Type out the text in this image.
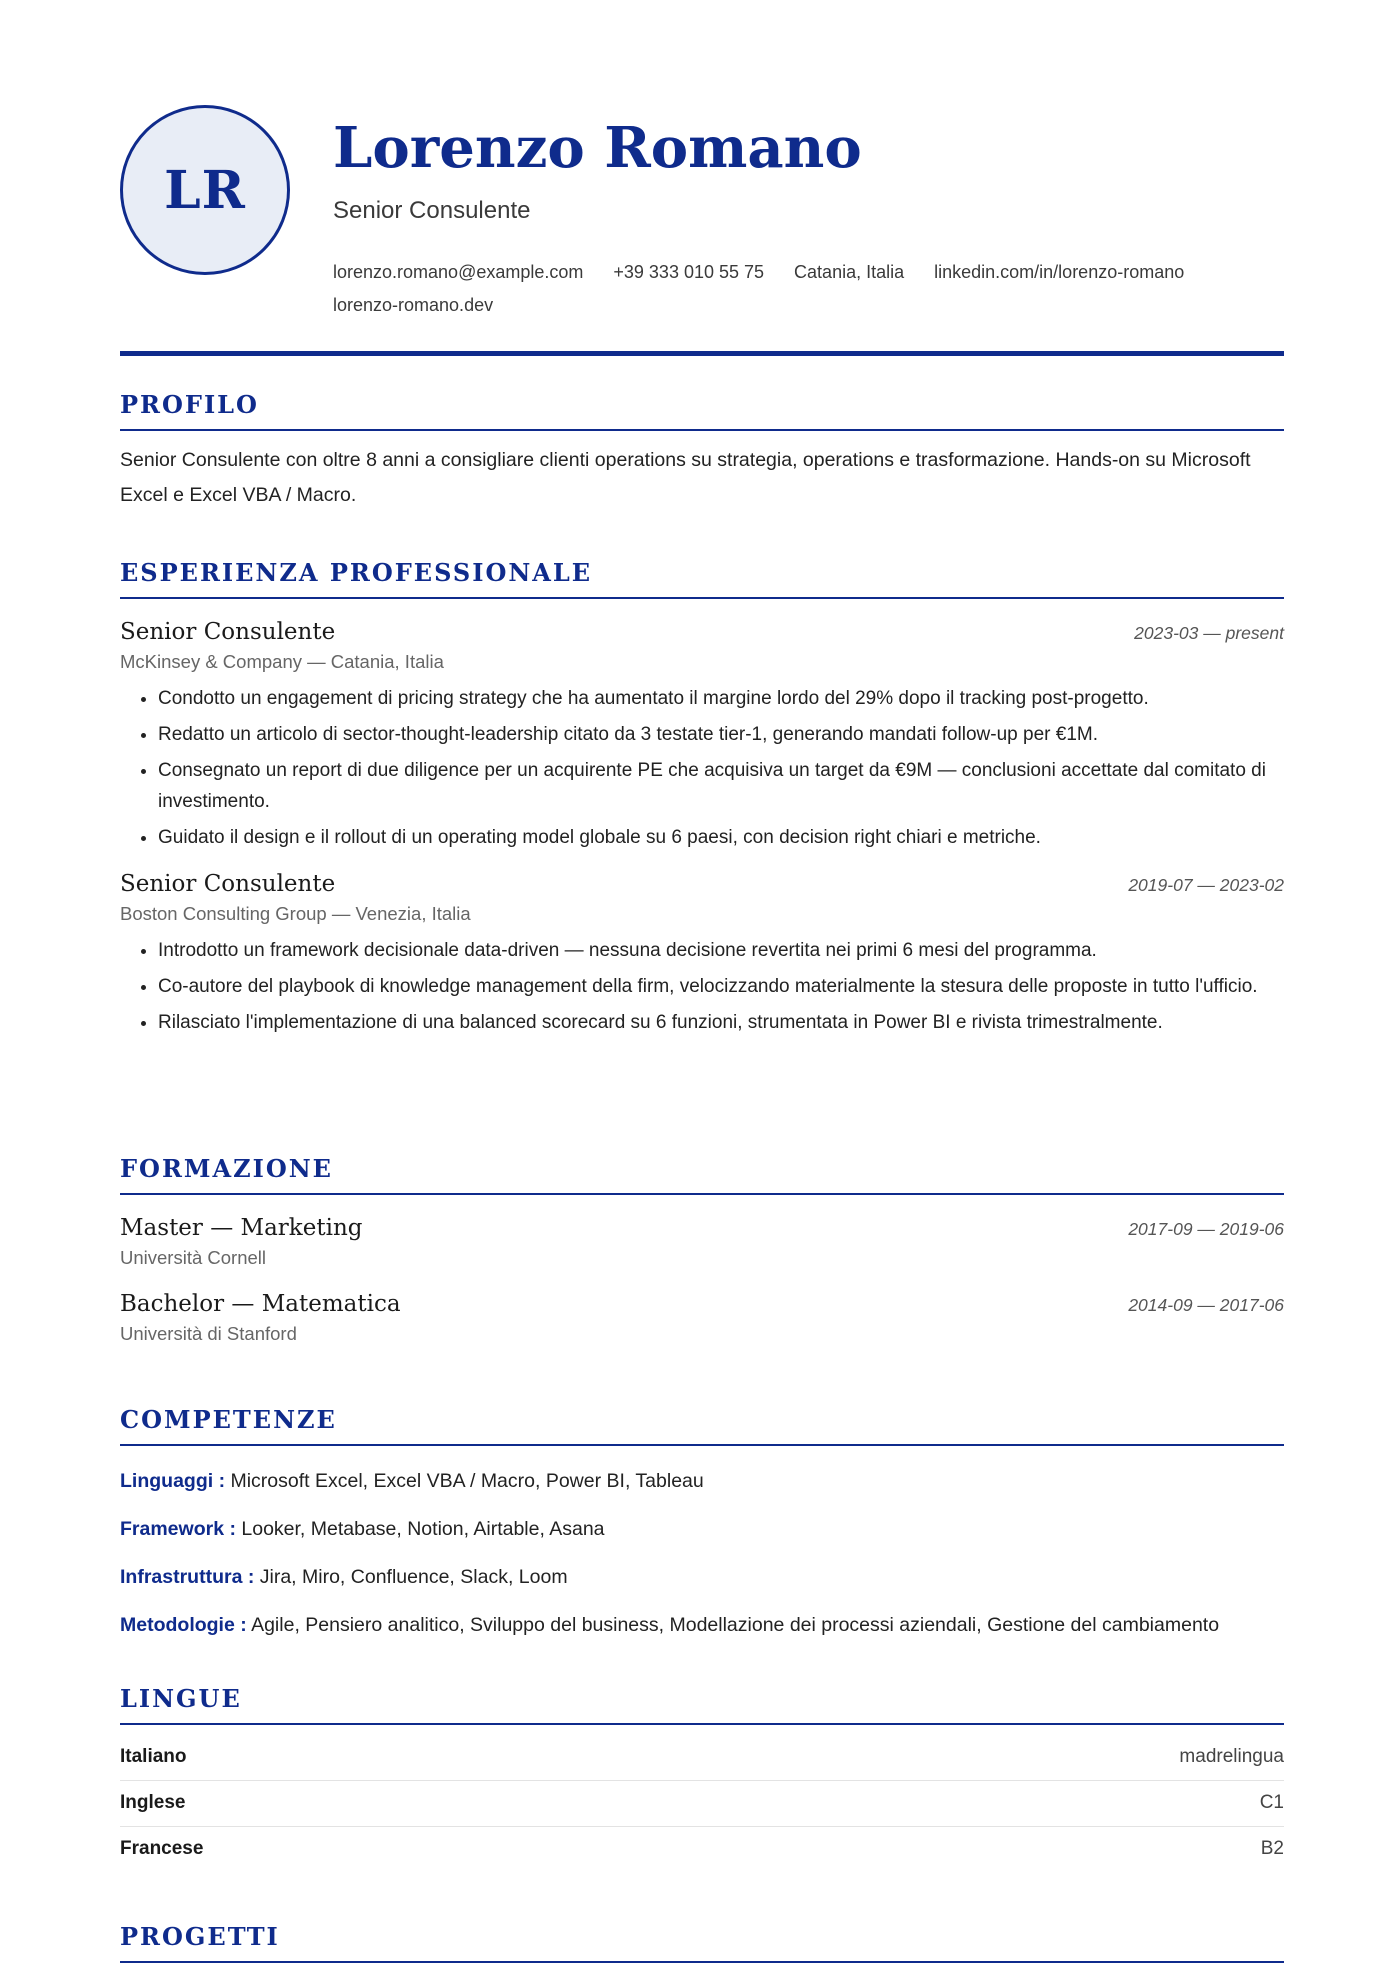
LR
Lorenzo Romano
Senior Consulente
lorenzo.romano@example.com +39 333 010 55 75 Catania, Italia linkedin.com/in/lorenzo-romano
lorenzo-romano.dev
PROFILO
Senior Consulente con oltre 8 anni a consigliare clienti operations su strategia, operations e trasformazione. Hands-on su Microsoft Excel e Excel VBA / Macro.
ESPERIENZA PROFESSIONALE
Senior Consulente	2023-03 — present
McKinsey & Company — Catania, Italia
• Condotto un engagement di pricing strategy che ha aumentato il margine lordo del 29% dopo il tracking post-progetto.
• Redatto un articolo di sector-thought-leadership citato da 3 testate tier-1, generando mandati follow-up per €1M.
• Consegnato un report di due diligence per un acquirente PE che acquisiva un target da €9M — conclusioni accettate dal comitato di investimento.
• Guidato il design e il rollout di un operating model globale su 6 paesi, con decision right chiari e metriche.
Senior Consulente	2019-07 — 2023-02
Boston Consulting Group — Venezia, Italia
• Introdotto un framework decisionale data-driven — nessuna decisione revertita nei primi 6 mesi del programma.
• Co-autore del playbook di knowledge management della firm, velocizzando materialmente la stesura delle proposte in tutto l'ufficio.
• Rilasciato l'implementazione di una balanced scorecard su 6 funzioni, strumentata in Power BI e rivista trimestralmente.
FORMAZIONE
Master — Marketing	2017-09 — 2019-06
Università Cornell
Bachelor — Matematica	2014-09 — 2017-06
Università di Stanford
COMPETENZE
Linguaggi : Microsoft Excel, Excel VBA / Macro, Power BI, Tableau
Framework : Looker, Metabase, Notion, Airtable, Asana
Infrastruttura : Jira, Miro, Confluence, Slack, Loom
Metodologie : Agile, Pensiero analitico, Sviluppo del business, Modellazione dei processi aziendali, Gestione del cambiamento
LINGUE
Italiano	madrelingua
Inglese	C1
Francese	B2
PROGETTI
